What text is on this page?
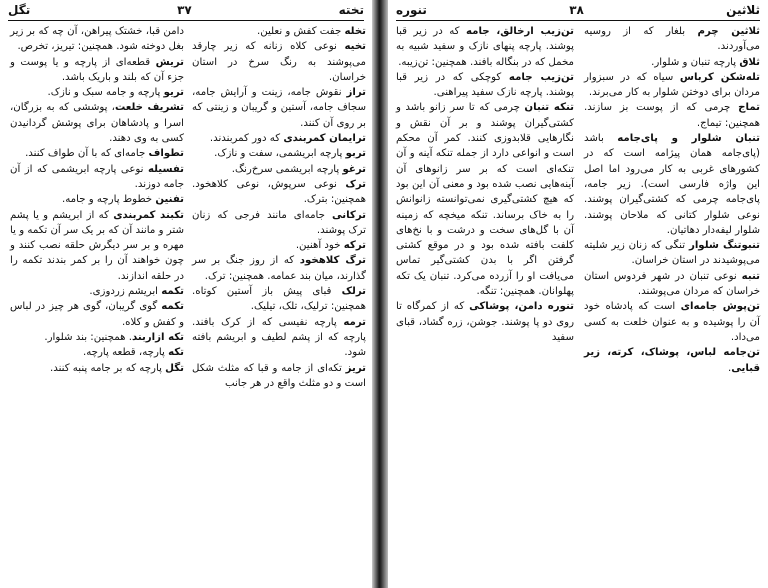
تخته
۳۷
تگل

تخله جفت کفش و نعلین.

تخیه نوعی کلاه زنانه که زیر چارقد می‌پوشند به رنگ سرخ در استان خراسان.

تراز نقوش جامه، زینت و آرایش جامه، سجاف جامه، آستین و گریبان و زینتی که بر روی آن کنند.

ترایمان کمربندی که دور کمربندند.

تربو پارچه ابریشمی، سفت و نازک.

ترغو پارچه ابریشمی سرخ‌رنگ.

ترک نوعی سرپوش، نوعی کلاهخود. همچنین: بترک.

ترکانی جامه‌ای مانند فرجی که زنان ترک پوشند.

ترکه خود آهنین.

ترگ کلاهخود که از روز جنگ بر سر گذارند، میان بند عمامه. همچنین: ترک.

ترلک قبای پیش باز آستین کوتاه. همچنین: ترلیک، تلک، تیلیک.

ترمه پارچه نفیسی که از کرک بافند. پارچه که از پشم لطیف و ابریشم بافته شود.

تریز تکه‌ای از جامه و قبا که مثلث شکل است و دو مثلث واقع در هر جانب

دامن قبا، خشتک پیراهن، آن چه که بر زیر بغل دوخته شود. همچنین: تیریز، تخرص.

تریش قطعه‌ای از پارچه و یا پوست و جزء آن که بلند و باریک باشد.

تریو پارچه و جامه سبک و نازک.

تشریف خلعت، پوششی که به بزرگان، اسرا و پادشاهان برای پوشش گردانیدن کسی به وی دهند.

تطواف جامه‌ای که با آن طواف کنند.

تفسیله نوعی پارچه ابریشمی که از آن جامه دوزند.

تفنین خطوط پارچه و جامه.

تکبند کمربندی که از ابریشم و یا پشم شتر و مانند آن که بر یک سر آن تکمه و یا مهره و بر سر دیگرش حلقه نصب کنند و چون خواهند آن را بر کمر بندند تکمه را در حلقه اندازند.

تکمه ابریشم زردوزی.

تکمه گوی گریبان، گوی هر چیز در لباس و کفش و کلاه.

تکه ازاربند. همچنین: بند شلوار.

تکه پارچه، قطعه پارچه.

تگل پارچه که بر جامه پنبه کنند.

ثلاثین
۳۸
تنوره

ثلاثین چرم بلغار که از روسیه می‌آوردند.

ثلاق پارچه تنبان و شلوار.

تله‌شکن کرباس سیاه که در سبزوار مردان برای دوختن شلوار به کار می‌برند.

تماج چرمی که از پوست بز سازند. همچنین: تیماج.

تنبان شلوار و پای‌جامه باشد (پای‌جامه همان پیژامه است که در کشورهای غربی به کار می‌رود اما اصل این واژه فارسی است). زیر جامه، پای‌جامه چرمی که کشتی‌گیران پوشند. نوعی شلوار کتانی که ملاحان پوشند. شلوار لیفه‌دار دهاتیان.

تنبوتنگ شلوار تنگی که زنان زیر شلیته می‌پوشیدند در استان خراسان.

تنبه نوعی تنبان در شهر فردوس استان خراسان که مردان می‌پوشند.

تن‌پوش جامه‌ای است که پادشاه خود آن را پوشیده و به عنوان خلعت به کسی می‌داد.

تن‌جامه لباس، پوشاک، کرته، زیر قبایی.

تن‌زیب ارخالق، جامه که در زیر قبا پوشند. پارچه پنهای نازک و سفید شبیه به مخمل که در بنگاله بافند. همچنین: تن‌زیبه.

تن‌زیب جامه کوچکی که در زیر قبا پوشند. پارچه نازک سفید پیراهنی.

تنکه تنبان چرمی که تا سر زانو باشد و کشتی‌گیران پوشند و بر آن نقش و نگارهایی قلابدوزی کنند. کمر آن محکم است و انواعی دارد از جمله تنکه آینه و آن تنکه‌ای است که بر سر زانوهای آن آینه‌هایی نصب شده بود و معنی آن این بود که هیچ کشتی‌گیری نمی‌توانسته زانوانش را به خاک برساند. تنکه میخچه که زمینه آن با گل‌های سخت و درشت و با نخ‌های کلفت بافته شده بود و در موقع کشتی گرفتن اگر با بدن کشتی‌گیر تماس می‌یافت او را آزرده می‌کرد. تنبان یک تکه پهلوانان. همچنین: تنگه.

تنوره دامن، پوشاکی که از کمرگاه تا روی دو پا پوشند. جوشن، زره گشاد، قبای سفید
